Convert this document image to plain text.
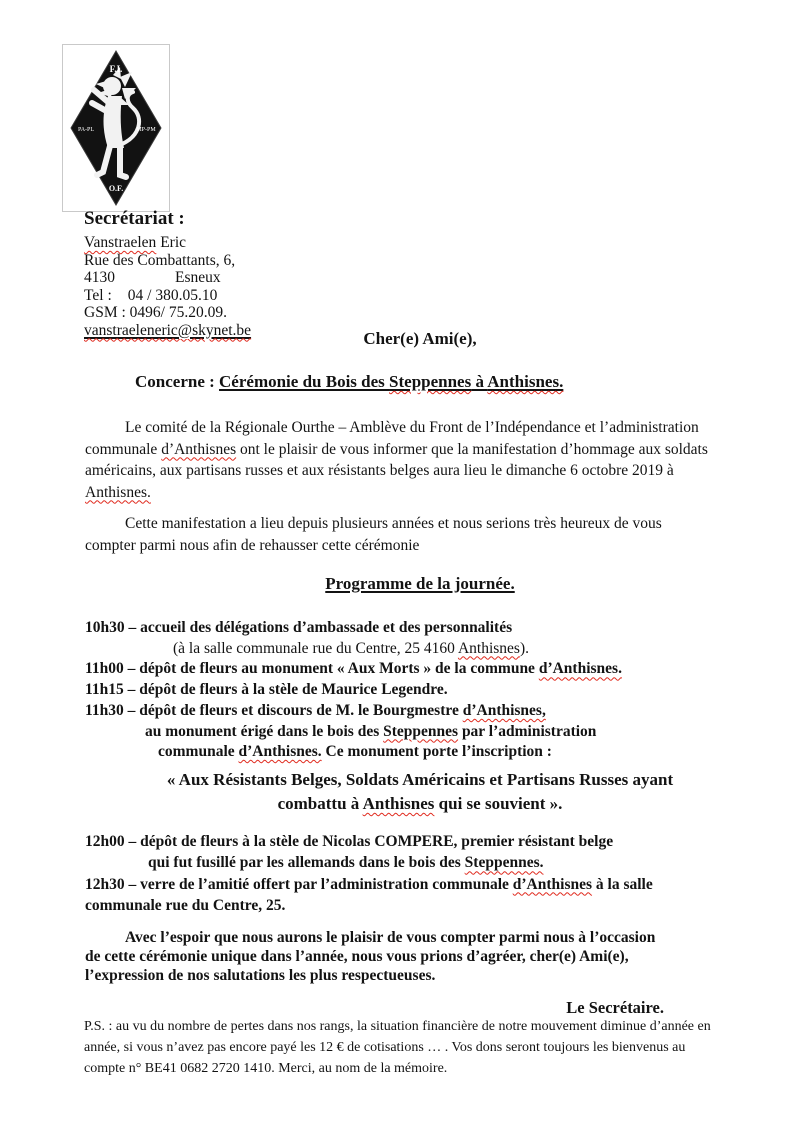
F.I.
PA-PL	MP-PM
O.F.
Secrétariat :
Vanstraelen Eric
Rue des Combattants, 6,
4130	Esneux
Tel : 04 / 380.05.10
GSM : 0496/ 75.20.09.
vanstraeleneric@skynet.be	Cher(e) Ami(e),
Concerne : Cérémonie du Bois des Steppennes à Anthisnes.
Le comité de la Régionale Ourthe – Amblève du Front de l’Indépendance et l’administration
communale d’Anthisnes ont le plaisir de vous informer que la manifestation d’hommage aux soldats
américains, aux partisans russes et aux résistants belges aura lieu le dimanche 6 octobre 2019 à
Anthisnes.
Cette manifestation a lieu depuis plusieurs années et nous serions très heureux de vous
compter parmi nous afin de rehausser cette cérémonie
Programme de la journée.
10h30 – accueil des délégations d’ambassade et des personnalités
(à la salle communale rue du Centre, 25 4160 Anthisnes).
11h00 – dépôt de fleurs au monument « Aux Morts » de la commune d’Anthisnes.
11h15 – dépôt de fleurs à la stèle de Maurice Legendre.
11h30 – dépôt de fleurs et discours de M. le Bourgmestre d’Anthisnes,
au monument érigé dans le bois des Steppennes par l’administration
communale d’Anthisnes. Ce monument porte l’inscription :
« Aux Résistants Belges, Soldats Américains et Partisans Russes ayant
combattu à Anthisnes qui se souvient ».
12h00 – dépôt de fleurs à la stèle de Nicolas COMPERE, premier résistant belge
qui fut fusillé par les allemands dans le bois des Steppennes.
12h30 – verre de l’amitié offert par l’administration communale d’Anthisnes à la salle
communale rue du Centre, 25.
Avec l’espoir que nous aurons le plaisir de vous compter parmi nous à l’occasion
de cette cérémonie unique dans l’année, nous vous prions d’agréer, cher(e) Ami(e),
l’expression de nos salutations les plus respectueuses.
Le Secrétaire.
P.S. : au vu du nombre de pertes dans nos rangs, la situation financière de notre mouvement diminue d’année en
année, si vous n’avez pas encore payé les 12 € de cotisations … . Vos dons seront toujours les bienvenus au
compte n° BE41 0682 2720 1410. Merci, au nom de la mémoire.
